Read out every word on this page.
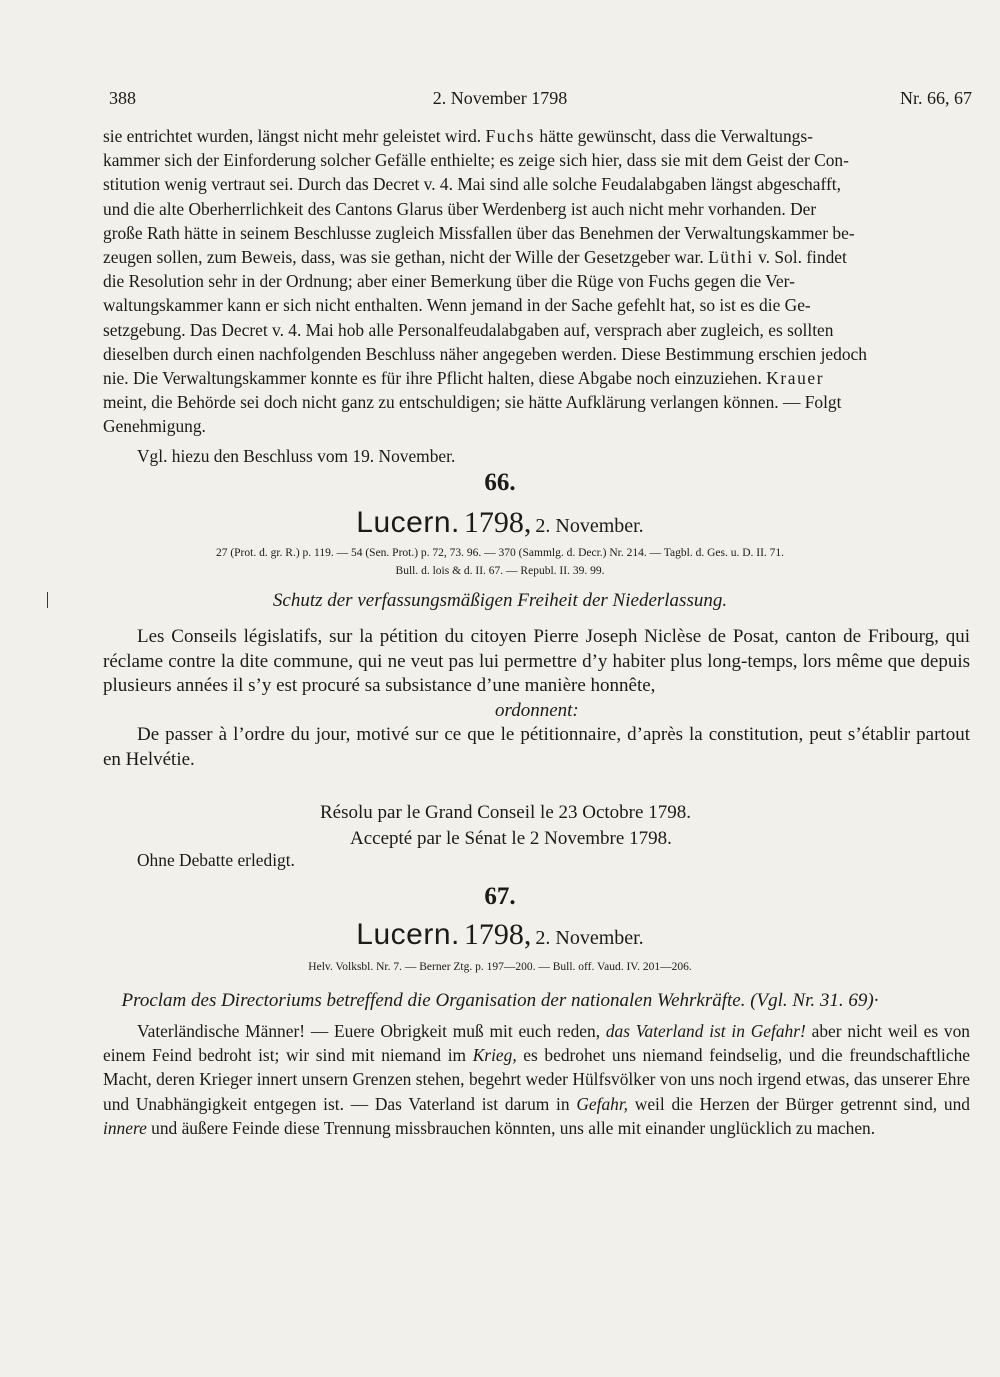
388	2. November 1798	Nr. 66, 67

sie entrichtet wurden, längst nicht mehr geleistet wird. Fuchs hätte gewünscht, dass die Verwaltungs-

kammer sich der Einforderung solcher Gefälle enthielte; es zeige sich hier, dass sie mit dem Geist der Con-

stitution wenig vertraut sei. Durch das Decret v. 4. Mai sind alle solche Feudalabgaben längst abgeschafft,

und die alte Oberherrlichkeit des Cantons Glarus über Werdenberg ist auch nicht mehr vorhanden. Der

große Rath hätte in seinem Beschlusse zugleich Missfallen über das Benehmen der Verwaltungskammer be-

zeugen sollen, zum Beweis, dass, was sie gethan, nicht der Wille der Gesetzgeber war. Lüthi v. Sol. findet

die Resolution sehr in der Ordnung; aber einer Bemerkung über die Rüge von Fuchs gegen die Ver-

waltungskammer kann er sich nicht enthalten. Wenn jemand in der Sache gefehlt hat, so ist es die Ge-

setzgebung. Das Decret v. 4. Mai hob alle Personalfeudalabgaben auf, versprach aber zugleich, es sollten

dieselben durch einen nachfolgenden Beschluss näher angegeben werden. Diese Bestimmung erschien jedoch

nie. Die Verwaltungskammer konnte es für ihre Pflicht halten, diese Abgabe noch einzuziehen. Krauer

meint, die Behörde sei doch nicht ganz zu entschuldigen; sie hätte Aufklärung verlangen können. — Folgt

Genehmigung.

Vgl. hiezu den Beschluss vom 19. November.

66.
Lucern. 1798, 2. November.
27 (Prot. d. gr. R.) p. 119. — 54 (Sen. Prot.) p. 72, 73. 96. — 370 (Sammlg. d. Decr.) Nr. 214. — Tagbl. d. Ges. u. D. II. 71.
Bull. d. lois & d. II. 67. — Republ. II. 39. 99.
Schutz der verfassungsmäßigen Freiheit der Niederlassung.

Les Conseils législatifs, sur la pétition du citoyen Pierre Joseph Niclèse de Posat, canton de Fribourg, qui réclame contre la dite commune, qui ne veut pas lui permettre d’y habiter plus long-temps, lors même que depuis plusieurs années il s’y est procuré sa subsistance d’une manière honnête,

ordonnent:

De passer à l’ordre du jour, motivé sur ce que le pétitionnaire, d’après la constitution, peut s’établir partout en Helvétie.

Résolu par le Grand Conseil le 23 Octobre 1798.
Accepté par le Sénat le 2 Novembre 1798.
Ohne Debatte erledigt.
67.
Lucern. 1798, 2. November.
Helv. Volksbl. Nr. 7. — Berner Ztg. p. 197—200. — Bull. off. Vaud. IV. 201—206.
Proclam des Directoriums betreffend die Organisation der nationalen Wehrkräfte. (Vgl. Nr. 31. 69)·

Vaterländische Männer! — Euere Obrigkeit muß mit euch reden, das Vaterland ist in Gefahr! aber nicht weil es von einem Feind bedroht ist; wir sind mit niemand im Krieg, es bedrohet uns niemand feindselig, und die freundschaftliche Macht, deren Krieger innert unsern Grenzen stehen, begehrt weder Hülfsvölker von uns noch irgend etwas, das unserer Ehre und Unabhängigkeit entgegen ist. — Das Vaterland ist darum in Gefahr, weil die Herzen der Bürger getrennt sind, und innere und äußere Feinde diese Trennung missbrauchen könnten, uns alle mit einander unglücklich zu machen.
